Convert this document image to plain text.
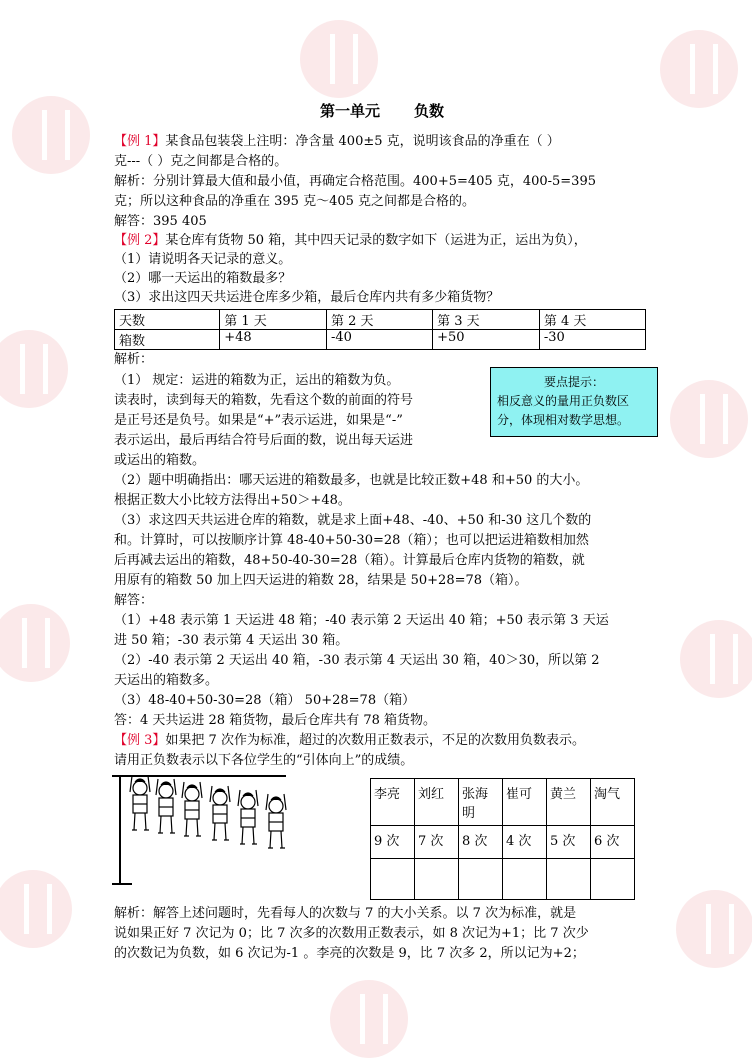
第一单元 负数
【例 1】某食品包装袋上注明：净含量 400±5 克，说明该食品的净重在（ ）
克---（ ）克之间都是合格的。
解析：分别计算最大值和最小值，再确定合格范围。400+5=405 克，400-5=395
克；所以这种食品的净重在 395 克～405 克之间都是合格的。
解答：395 405
【例 2】某仓库有货物 50 箱，其中四天记录的数字如下（运进为正，运出为负），
（1）请说明各天记录的意义。
（2）哪一天运出的箱数最多？
（3）求出这四天共运进仓库多少箱，最后仓库内共有多少箱货物？
天数	第 1 天	第 2 天	第 3 天	第 4 天
箱数	+48	-40	+50	-30
解析：
（1） 规定：运进的箱数为正，运出的箱数为负。
读表时，读到每天的箱数，先看这个数的前面的符号
是正号还是负号。如果是“+”表示运进，如果是“-”
表示运出，最后再结合符号后面的数，说出每天运进
或运出的箱数。
要点提示：
相反意义的量用正负数区
分，体现相对数学思想。
（2）题中明确指出：哪天运进的箱数最多，也就是比较正数+48 和+50 的大小。
根据正数大小比较方法得出+50＞+48。
（3）求这四天共运进仓库的箱数，就是求上面+48、-40、+50 和-30 这几个数的
和。计算时，可以按顺序计算 48-40+50-30=28（箱）；也可以把运进箱数相加然
后再减去运出的箱数，48+50-40-30=28（箱）。计算最后仓库内货物的箱数，就
用原有的箱数 50 加上四天运进的箱数 28，结果是 50+28=78（箱）。
解答：
（1）+48 表示第 1 天运进 48 箱；-40 表示第 2 天运出 40 箱；+50 表示第 3 天运
进 50 箱；-30 表示第 4 天运出 30 箱。
（2）-40 表示第 2 天运出 40 箱，-30 表示第 4 天运出 30 箱，40＞30，所以第 2
天运出的箱数多。
（3）48-40+50-30=28（箱） 50+28=78（箱）
答：4 天共运进 28 箱货物，最后仓库共有 78 箱货物。
【例 3】如果把 7 次作为标准，超过的次数用正数表示，不足的次数用负数表示。
请用正负数表示以下各位学生的“引体向上”的成绩。
李亮	刘红	张海明	崔可	黄兰	淘气
9 次	7 次	8 次	4 次	5 次	6 次

解析：解答上述问题时，先看每人的次数与 7 的大小关系。以 7 次为标准，就是
说如果正好 7 次记为 0；比 7 次多的次数用正数表示，如 8 次记为+1；比 7 次少
的次数记为负数，如 6 次记为-1 。李亮的次数是 9，比 7 次多 2，所以记为+2；
